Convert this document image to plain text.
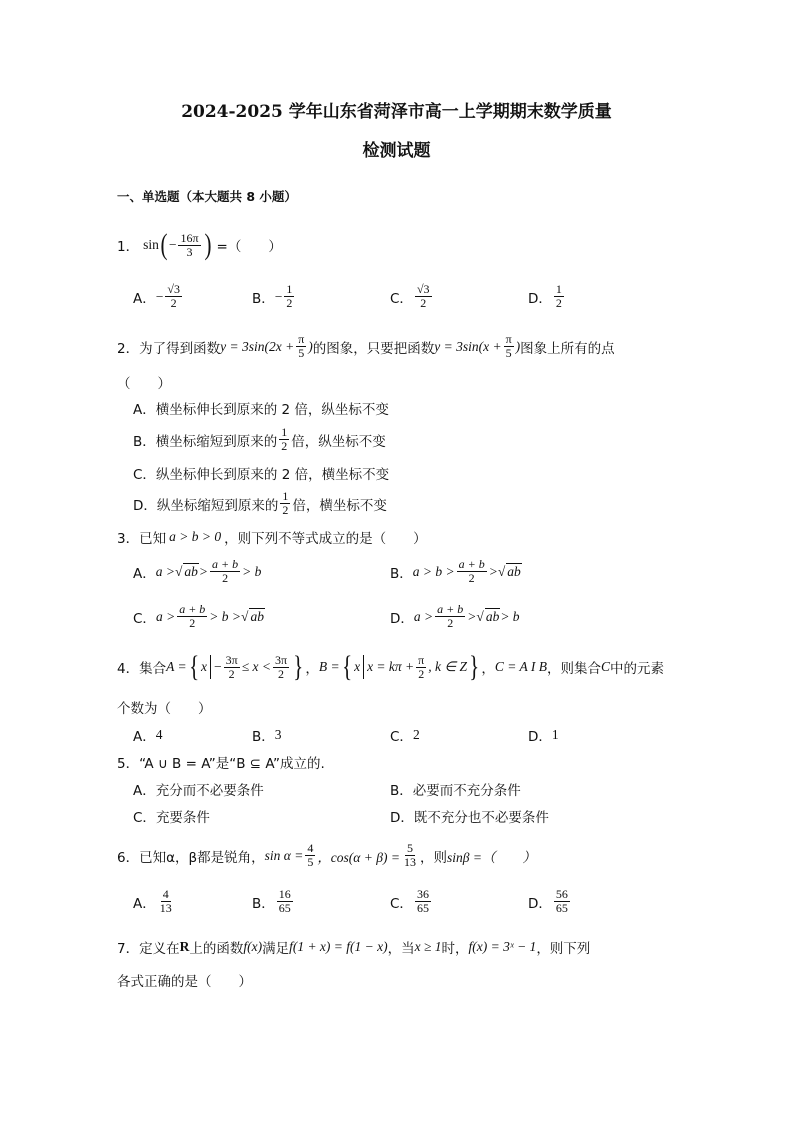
2024-2025 学年山东省菏泽市高一上学期期末数学质量
检测试题
一、单选题（本大题共 8 小题）
1． sin ( − $\frac{16\pi}{3}$ ) =（　　）
A． − $\frac{√3}{2}$	B． − $\frac{1}{2}$	C． $\frac{√3}{2}$	D． $\frac{1}{2}$
2． 为了得到函数 $y = 3\sin(2x + \frac{\pi}{5}$ ) 的图象，只要把函数 $y = 3\sin(x + \frac{\pi}{5}$ ) 图象上所有的点
（　　）
A． 横坐标伸长到原来的 2 倍，纵坐标不变
B． 横坐标缩短到原来的 $\frac{1}{2}$ 倍，纵坐标不变
C． 纵坐标伸长到原来的 2 倍，横坐标不变
D． 纵坐标缩短到原来的 $\frac{1}{2}$ 倍，横坐标不变
3． 已知 a > b > 0 ，则下列不等式成立的是（　　）
A． a > √ ab > $\frac{a + b}{2} > b$	B． $a > b > \frac{a + b}{2}$ > √ ab
C． $a > \frac{a + b}{2} > b$ > √ ab	D． $a > \frac{a + b}{2}$ > √ ab > b
4． 集合 A = { $x - \frac{3\pi}{2} \le x < \frac{3\pi}{2}$ } ， B = { x $x = k\pi + \frac{\pi}{2}$ , k ∈ Z } ， C = A I B ，则集合 C 中的元素
个数为（　　）
A． 4	B． 3	C． 2	D． 1
5． “A ∪ B = A”是“B ⊆ A”成立的.
A． 充分而不必要条件	B． 必要而不充分条件
C． 充要条件	D． 既不充分也不必要条件
6． 已知α，β都是锐角， $\sin \alpha = \frac{4}{5}$ ，$\cos(\alpha + \beta) = \frac{5}{13}$ ，则 sinβ =（　　）
A． $\frac{4}{13}$	B． $\frac{16}{65}$	C． $\frac{36}{65}$	D． $\frac{56}{65}$
7． 定义在 R 上的函数 f(x) 满足 f(1 + x) = f(1 − x) ，当 x ≥ 1 时， f(x) = 3ˣ − 1 ，则下列
各式正确的是（　　）
